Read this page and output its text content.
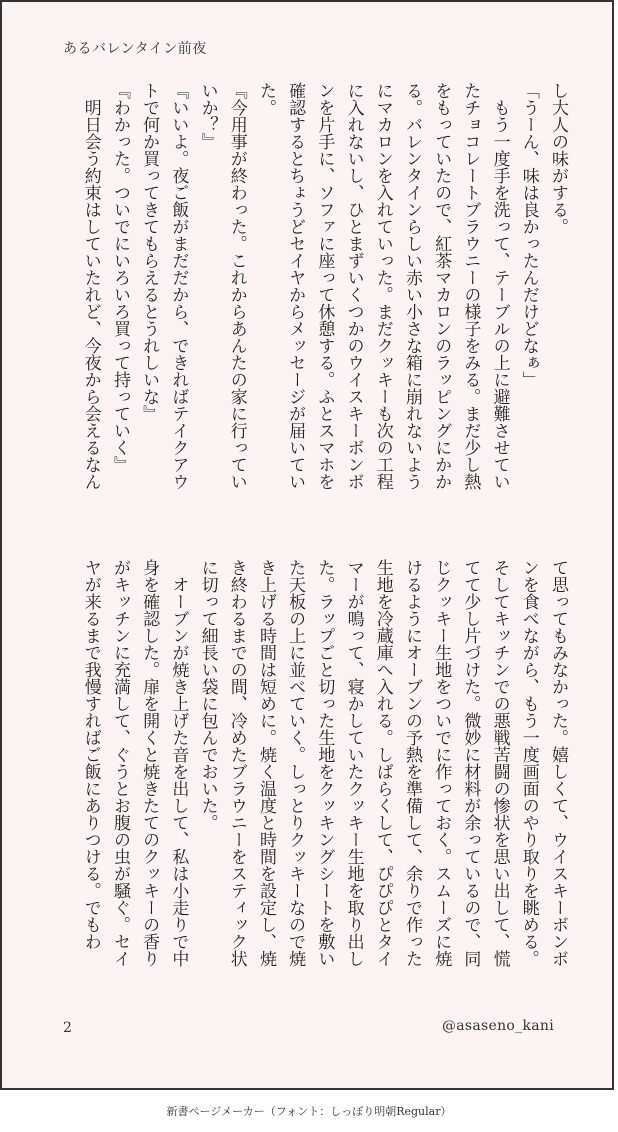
あるバレンタイン前夜
し大人の味がする。
「うーん、味は良かったんだけどなぁ」
　もう一度手を洗って、テーブルの上に避難させてい
たチョコレートブラウニーの様子をみる。まだ少し熱
をもっていたので、紅茶マカロンのラッピングにかか
る。バレンタインらしい赤い小さな箱に崩れないよう
にマカロンを入れていった。まだクッキーも次の工程
に入れないし、ひとまずいくつかのウイスキーボンボ
ンを片手に、ソファに座って休憩する。ふとスマホを
確認するとちょうどセイヤからメッセージが届いてい
た。
『今用事が終わった。これからあんたの家に行ってい
いか？』
『いいよ。夜ご飯がまだだから、できればテイクアウ
トで何か買ってきてもらえるとうれしいな』
『わかった。ついでにいろいろ買って持っていく』
　明日会う約束はしていたれど、今夜から会えるなん
て思ってもみなかった。嬉しくて、ウイスキーボンボ
ンを食べながら、もう一度画面のやり取りを眺める。
そしてキッチンでの悪戦苦闘の惨状を思い出して、慌
てて少し片づけた。微妙に材料が余っているので、同
じクッキー生地をついでに作っておく。スムーズに焼
けるようにオーブンの予熱を準備して、余りで作った
生地を冷蔵庫へ入れる。しばらくして、ぴぴぴとタイ
マーが鳴って、寝かしていたクッキー生地を取り出し
た。ラップごと切った生地をクッキングシートを敷い
た天板の上に並べていく。しっとりクッキーなので焼
き上げる時間は短めに。焼く温度と時間を設定し、焼
き終わるまでの間、冷めたブラウニーをスティック状
に切って細長い袋に包んでおいた。
　オーブンが焼き上げた音を出して、私は小走りで中
身を確認した。扉を開くと焼きたてのクッキーの香り
がキッチンに充満して、ぐうとお腹の虫が騒ぐ。セイ
ヤが来るまで我慢すればご飯にありつける。でもわ
2	@asaseno_kani
新書ページメーカー（フォント：しっぽり明朝Regular）
